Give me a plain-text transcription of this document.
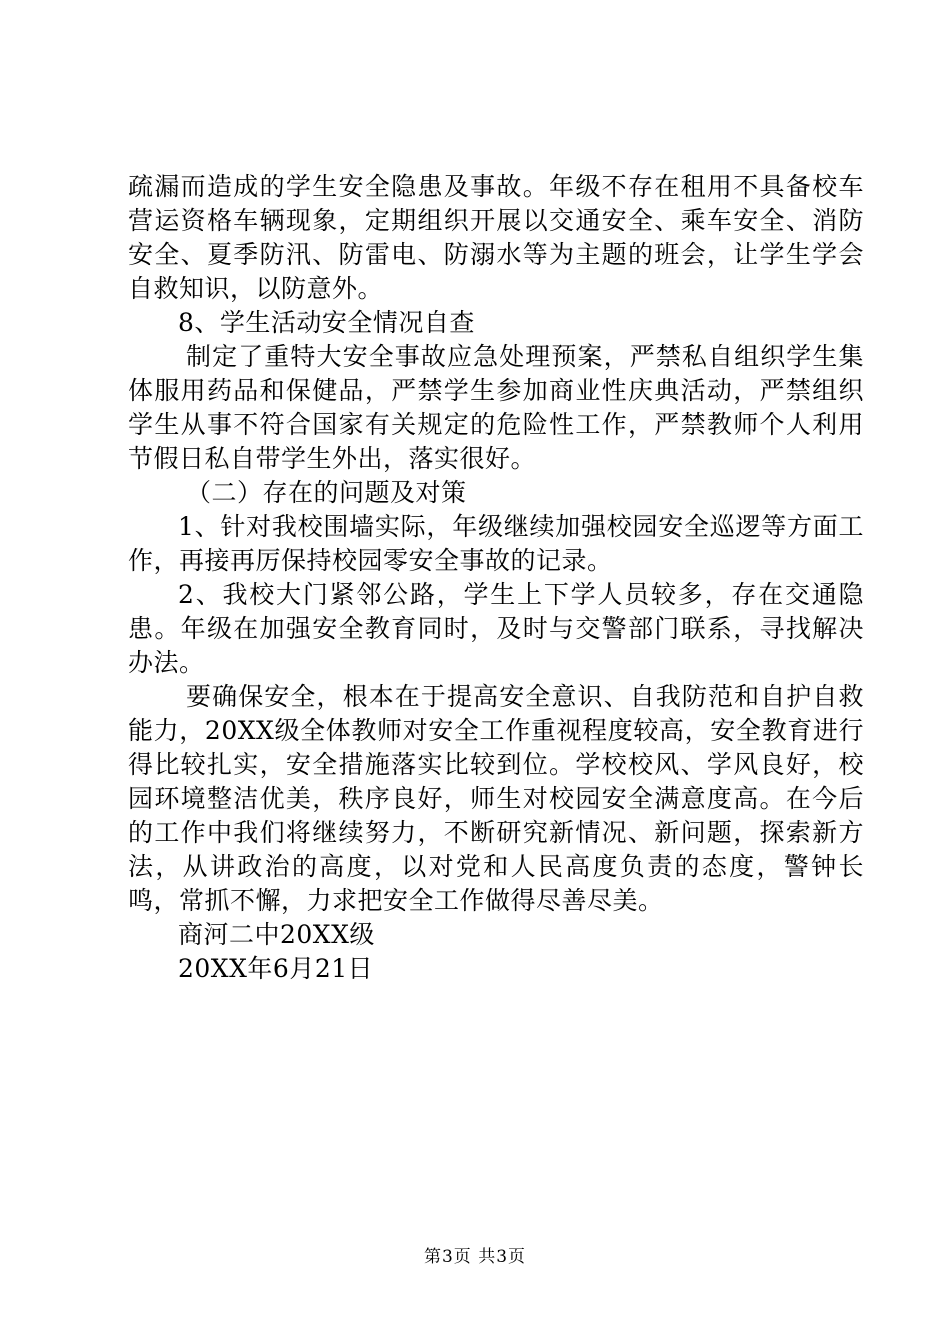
疏漏而造成的学生安全隐患及事故。年级不存在租用不具备校车营运资格车辆现象，定期组织开展以交通安全、乘车安全、消防安全、夏季防汛、防雷电、防溺水等为主题的班会，让学生学会自救知识，以防意外。

8、学生活动安全情况自查

制定了重特大安全事故应急处理预案，严禁私自组织学生集体服用药品和保健品，严禁学生参加商业性庆典活动，严禁组织学生从事不符合国家有关规定的危险性工作，严禁教师个人利用节假日私自带学生外出，落实很好。

（二）存在的问题及对策

1、针对我校围墙实际，年级继续加强校园安全巡逻等方面工作，再接再厉保持校园零安全事故的记录。

2、我校大门紧邻公路，学生上下学人员较多，存在交通隐患。年级在加强安全教育同时，及时与交警部门联系，寻找解决办法。

要确保安全，根本在于提高安全意识、自我防范和自护自救能力，20XX级全体教师对安全工作重视程度较高，安全教育进行得比较扎实，安全措施落实比较到位。学校校风、学风良好，校园环境整洁优美，秩序良好，师生对校园安全满意度高。在今后的工作中我们将继续努力，不断研究新情况、新问题，探索新方法，从讲政治的高度，以对党和人民高度负责的态度，警钟长鸣，常抓不懈，力求把安全工作做得尽善尽美。

商河二中20XX级

20XX年6月21日

第3页 共3页
